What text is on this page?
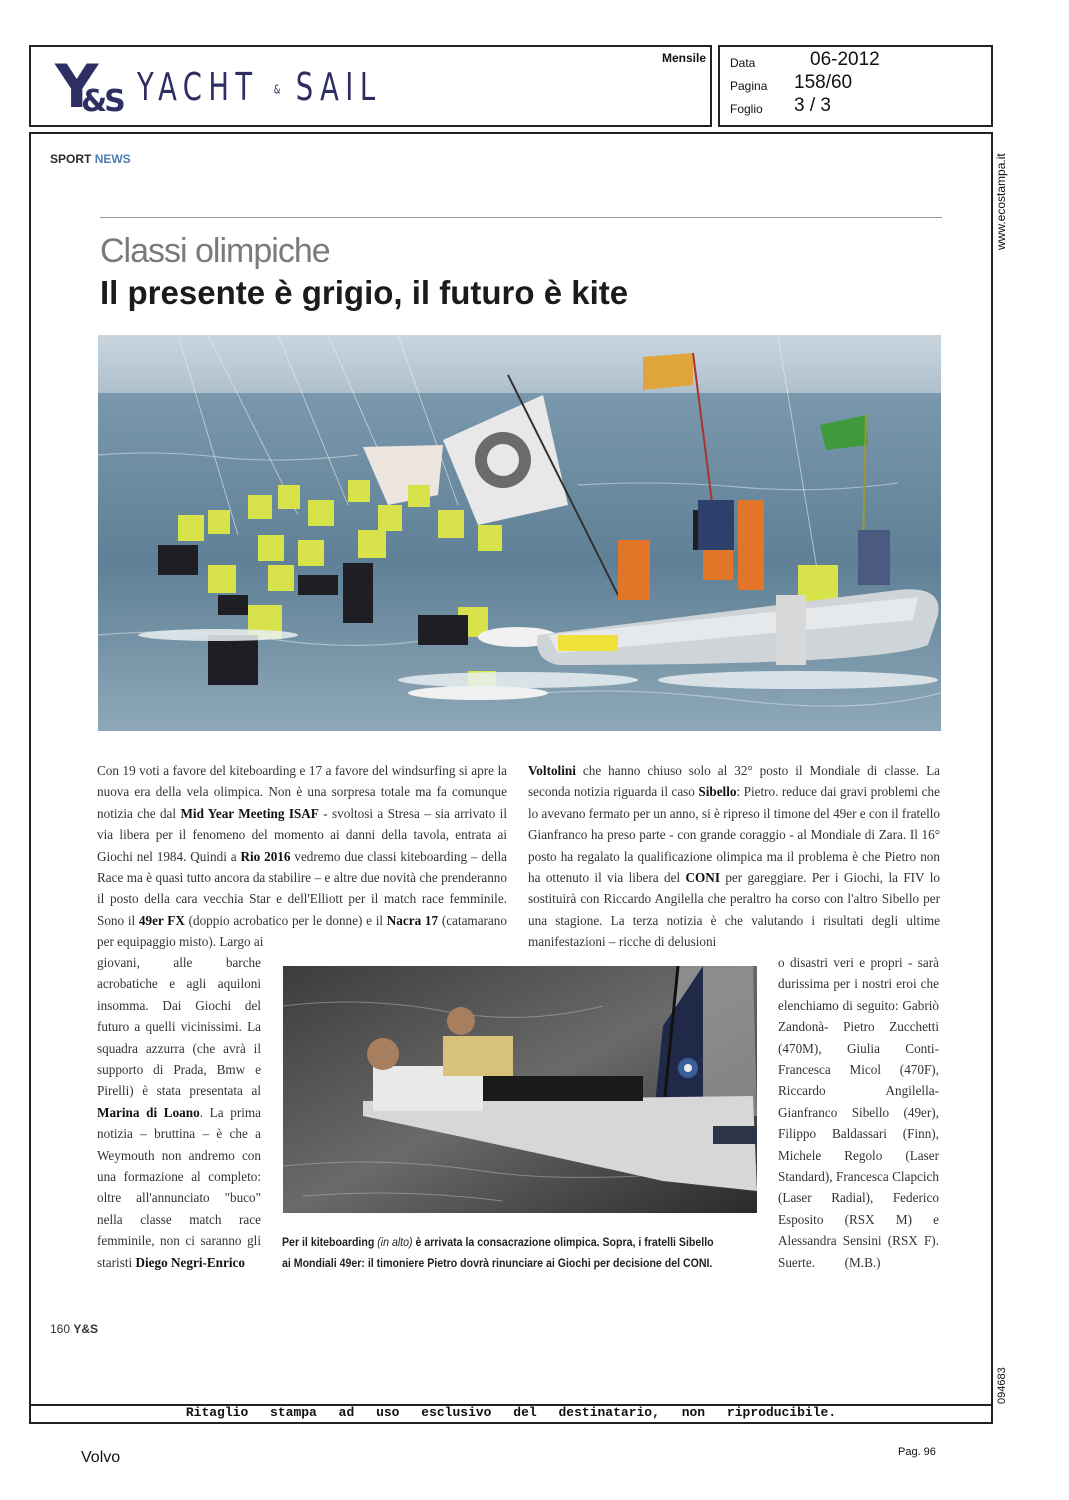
Y
&S YACHT & SAIL
Mensile Data	06-2012
Pagina 158/60
Foglio 3 / 3
www.ecostampa.it
SPORT NEWS
Classi olimpiche
Il presente è grigio, il futuro è kite
Con 19 voti a favore del kiteboarding e 17 a favore del windsurfing si apre la nuova era della vela olimpica. Non è una sorpresa totale ma fa comunque notizia che dal Mid Year Meeting ISAF - svoltosi a Stresa – sia arrivato il via libera per il fenomeno del momento ai danni della tavola, entrata ai Giochi nel 1984. Quindi a Rio 2016 vedremo due classi kiteboarding – della Race ma è quasi tutto ancora da stabilire – e altre due novità che prenderanno il posto della cara vecchia Star e dell'Elliott per il match race femminile. Sono il 49er FX (doppio acrobatico per le donne) e il Nacra 17 (catamarano per equipaggio misto). Largo ai
giovani, alle barche acrobatiche e agli aquiloni insomma. Dai Giochi del futuro a quelli vicinissimi. La squadra azzurra (che avrà il supporto di Prada, Bmw e Pirelli) è stata presentata al Marina di Loano. La prima notizia – bruttina – è che a Weymouth non andremo con una formazione al completo: oltre all'annunciato "buco" nella classe match race femminile, non ci saranno gli staristi Diego Negri-Enrico
Voltolini che hanno chiuso solo al 32° posto il Mondiale di classe. La seconda notizia riguarda il caso Sibello: Pietro. reduce dai gravi problemi che lo avevano fermato per un anno, si è ripreso il timone del 49er e con il fratello Gianfranco ha preso parte - con grande coraggio - al Mondiale di Zara. Il 16° posto ha regalato la qualificazione olimpica ma il problema è che Pietro non ha ottenuto il via libera del CONI per gareggiare. Per i Giochi, la FIV lo sostituirà con Riccardo Angilella che peraltro ha corso con l'altro Sibello per una stagione. La terza notizia è che valutando i risultati degli ultime manifestazioni – ricche di delusioni
o disastri veri e propri - sarà durissima per i nostri eroi che elenchiamo di seguito: Gabriò Zandonà- Pietro Zucchetti (470M), Giulia Conti- Francesca Micol (470F), Riccardo Angilella-Gianfranco Sibello (49er), Filippo Baldassari (Finn), Michele Regolo (Laser Standard), Francesca Clapcich (Laser Radial), Federico Esposito (RSX M) e Alessandra Sensini (RSX F). Suerte.         (M.B.)
Per il kiteboarding (in alto) è arrivata la consacrazione olimpica. Sopra, i fratelli Sibello ai Mondiali 49er: il timoniere Pietro dovrà rinunciare ai Giochi per decisione del CONI.
160 Y&S
094683
Ritaglio stampa ad uso esclusivo del destinatario, non riproducibile.
Volvo	Pag. 96
